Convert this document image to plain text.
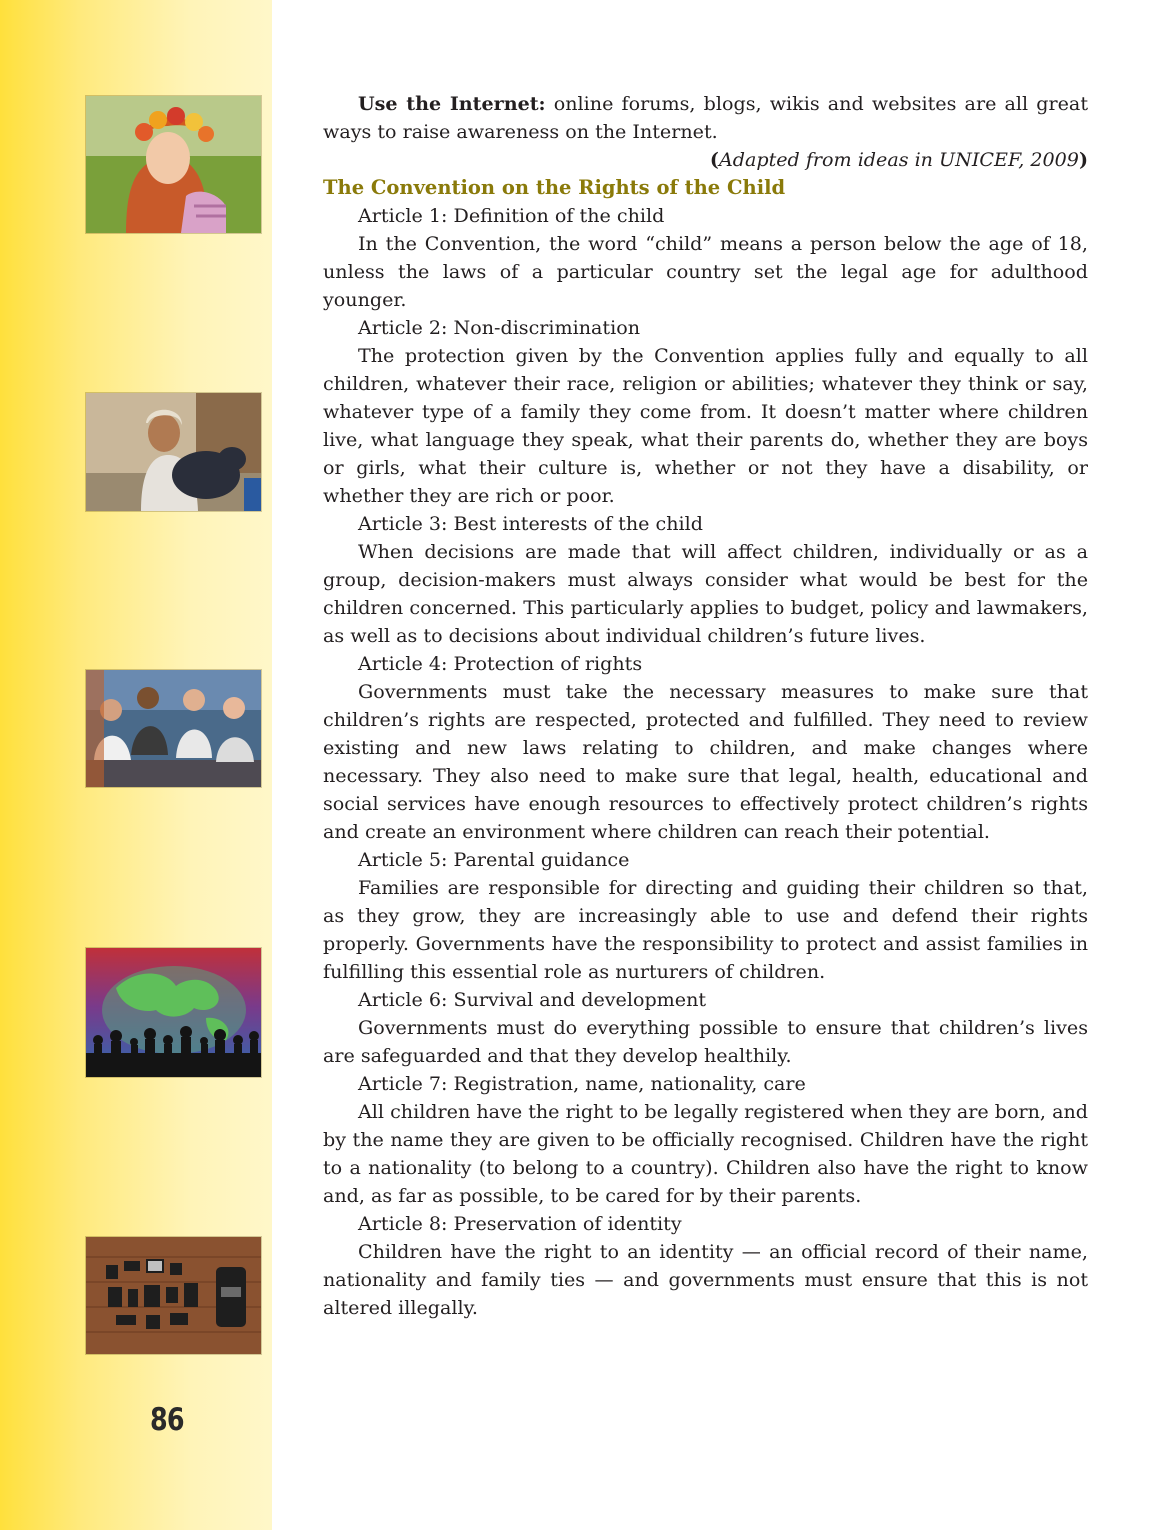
86

Use the Internet: online forums, blogs, wikis and websites are all great ways to raise awareness on the Internet.

(Adapted from ideas in UNICEF, 2009)

The Convention on the Rights of the Child

Article 1: Definition of the child

In the Convention, the word “child” means a person below the age of 18, unless the laws of a particular country set the legal age for adulthood younger.

Article 2: Non-discrimination

The protection given by the Convention applies fully and equally to all children, whatever their race, religion or abilities; whatever they think or say, whatever type of a family they come from. It doesn’t matter where children live, what language they speak, what their parents do, whether they are boys or girls, what their culture is, whether or not they have a disability, or whether they are rich or poor.

Article 3: Best interests of the child

When decisions are made that will affect children, individually or as a group, decision-makers must always consider what would be best for the children concerned. This particularly applies to budget, policy and lawmakers, as well as to decisions about individual children’s future lives.

Article 4: Protection of rights

Governments must take the necessary measures to make sure that children’s rights are respected, protected and fulfilled. They need to review existing and new laws relating to children, and make changes where necessary. They also need to make sure that legal, health, educational and social services have enough resources to effectively protect children’s rights and create an environment where children can reach their potential.

Article 5: Parental guidance

Families are responsible for directing and guiding their children so that, as they grow, they are increasingly able to use and defend their rights properly. Governments have the responsibility to protect and assist families in fulfilling this essential role as nurturers of children.

Article 6: Survival and development

Governments must do everything possible to ensure that children’s lives are safeguarded and that they develop healthily.

Article 7: Registration, name, nationality, care

All children have the right to be legally registered when they are born, and by the name they are given to be officially recognised. Children have the right to a nationality (to belong to a country). Children also have the right to know and, as far as possible, to be cared for by their parents.

Article 8: Preservation of identity

Children have the right to an identity — an official record of their name, nationality and family ties — and governments must ensure that this is not altered illegally.
